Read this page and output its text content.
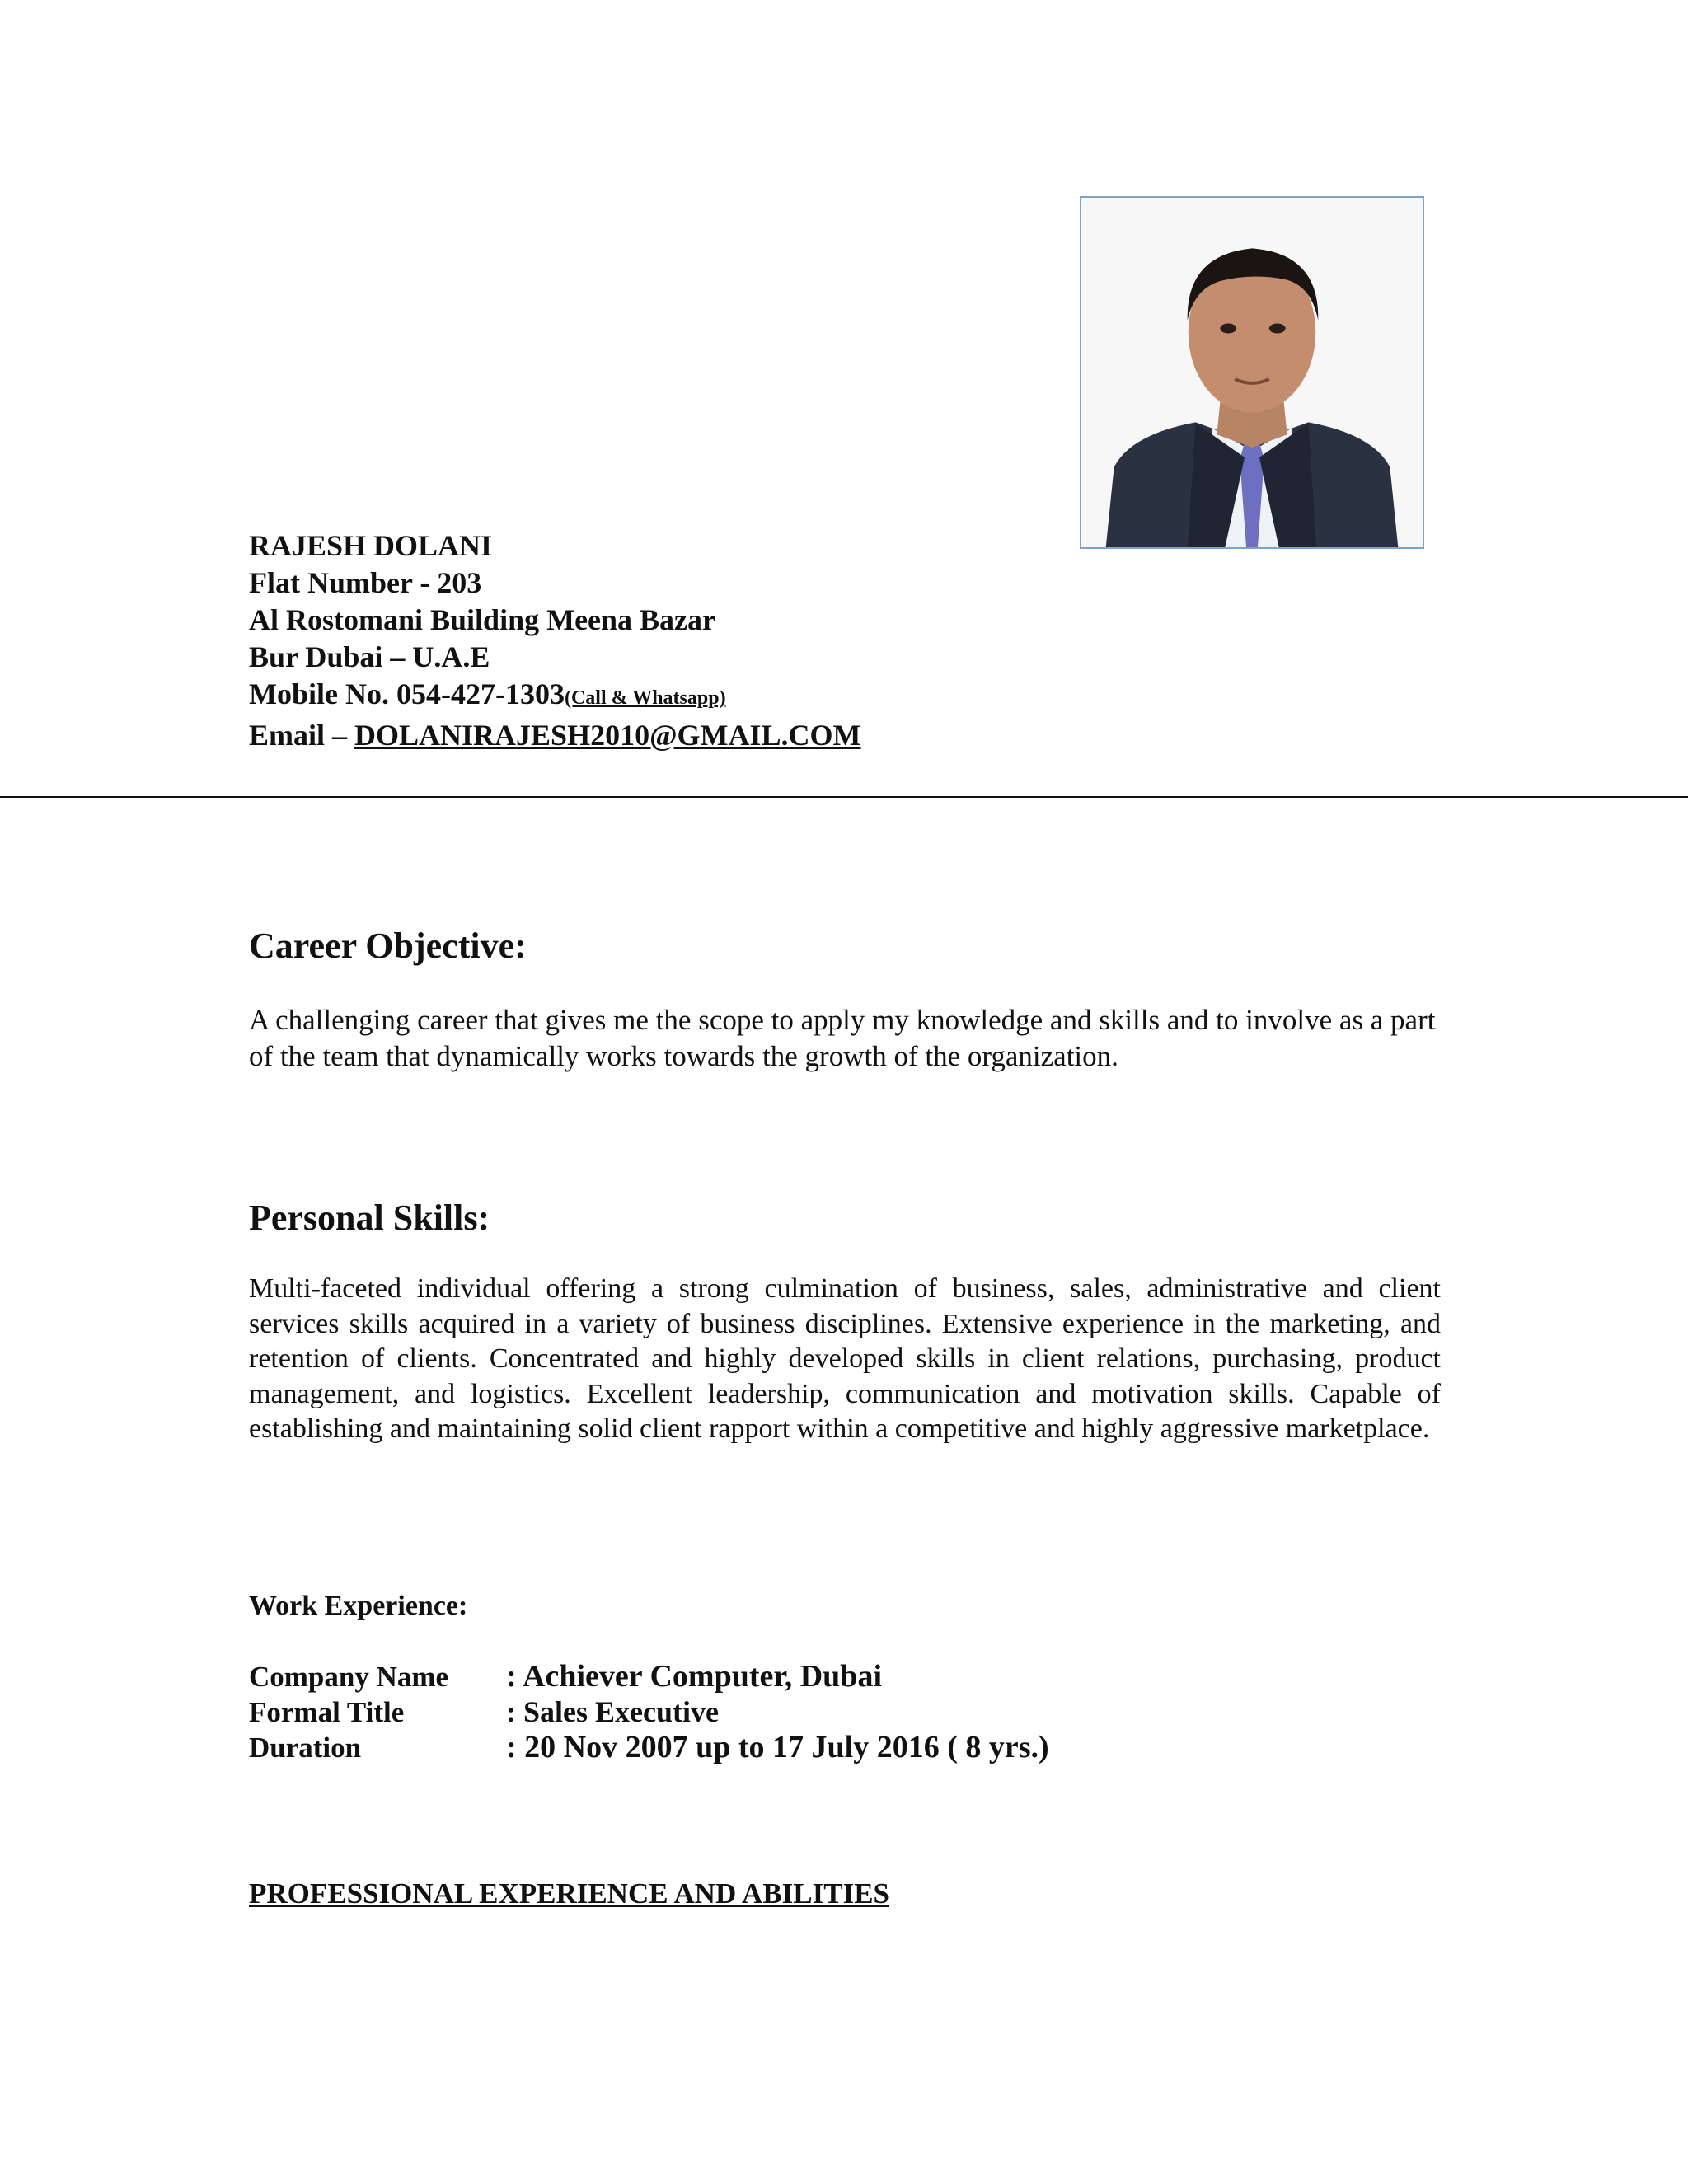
RAJESH DOLANI
Flat Number - 203
Al Rostomani Building Meena Bazar
Bur Dubai – U.A.E
Mobile No. 054-427-1303(Call & Whatsapp)
Email – DOLANIRAJESH2010@GMAIL.COM
Career Objective:
A challenging career that gives me the scope to apply my knowledge and skills and to involve as a part of the team that dynamically works towards the growth of the organization.
Personal Skills:
Multi-faceted individual offering a strong culmination of business, sales, administrative and client services skills acquired in a variety of business disciplines. Extensive experience in the marketing, and retention of clients. Concentrated and highly developed skills in client relations, purchasing, product management, and logistics. Excellent leadership, communication and motivation skills. Capable of establishing and maintaining solid client rapport within a competitive and highly aggressive marketplace.
Work Experience:
Company Name	: Achiever Computer, Dubai
Formal Title	: Sales Executive
Duration	: 20 Nov 2007 up to 17 July 2016 ( 8 yrs.)
PROFESSIONAL EXPERIENCE AND ABILITIES
